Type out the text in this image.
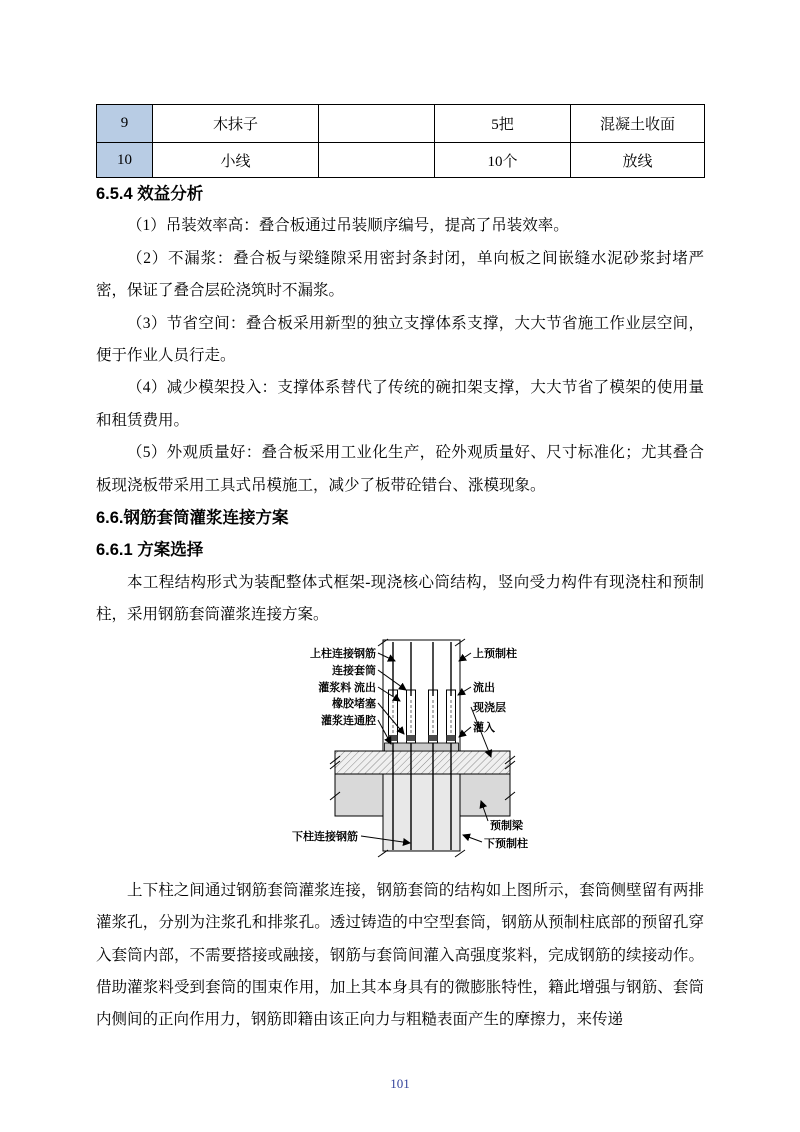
9	木抹子		5把	混凝土收面
10	小线		10个	放线
6.5.4 效益分析

（1）吊装效率高：叠合板通过吊装顺序编号，提高了吊装效率。

（2）不漏浆：叠合板与梁缝隙采用密封条封闭，单向板之间嵌缝水泥砂浆封堵严密，保证了叠合层砼浇筑时不漏浆。

（3）节省空间：叠合板采用新型的独立支撑体系支撑，大大节省施工作业层空间，便于作业人员行走。

（4）减少模架投入：支撑体系替代了传统的碗扣架支撑，大大节省了模架的使用量和租赁费用。

（5）外观质量好：叠合板采用工业化生产，砼外观质量好、尺寸标准化；尤其叠合板现浇板带采用工具式吊模施工，减少了板带砼错台、涨模现象。

6.6.钢筋套筒灌浆连接方案
6.6.1 方案选择

本工程结构形式为装配整体式框架-现浇核心筒结构，竖向受力构件有现浇柱和预制柱，采用钢筋套筒灌浆连接方案。

上柱连接钢筋
连接套筒
灌浆料 流出
橡胶堵塞
灌浆连通腔
上预制柱
流出
现浇层
灌入
下柱连接钢筋
预制梁
下预制柱

上下柱之间通过钢筋套筒灌浆连接，钢筋套筒的结构如上图所示，套筒侧壁留有两排灌浆孔，分别为注浆孔和排浆孔。透过铸造的中空型套筒，钢筋从预制柱底部的预留孔穿入套筒内部，不需要搭接或融接，钢筋与套筒间灌入高强度浆料，完成钢筋的续接动作。借助灌浆料受到套筒的围束作用，加上其本身具有的微膨胀特性，籍此增强与钢筋、套筒内侧间的正向作用力，钢筋即籍由该正向力与粗糙表面产生的摩擦力，来传递

101
